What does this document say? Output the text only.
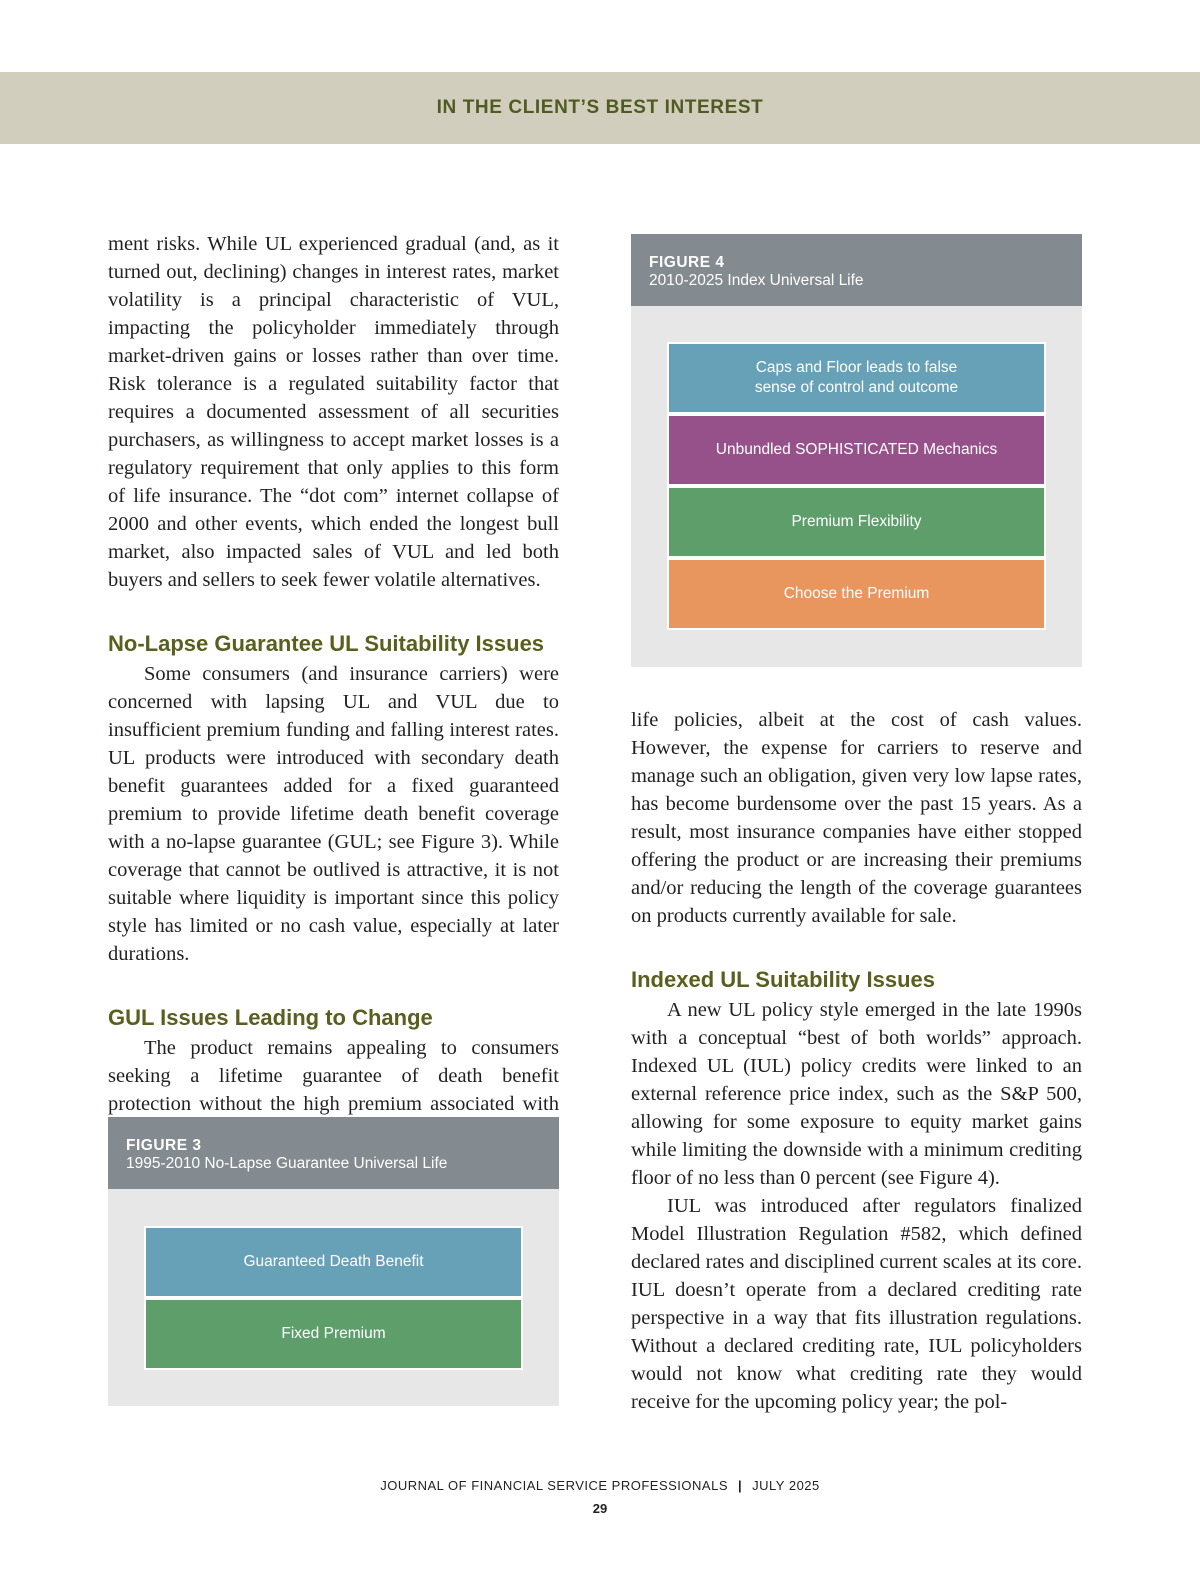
IN THE CLIENT’S BEST INTEREST

ment risks. While UL experienced gradual (and, as it turned out, declining) changes in interest rates, market volatility is a principal characteristic of VUL, impacting the policyholder immediately through market-driven gains or losses rather than over time. Risk tolerance is a regulated suitability factor that requires a documented assessment of all securities purchasers, as willingness to accept market losses is a regulatory requirement that only applies to this form of life insurance. The “dot com” internet collapse of 2000 and other events, which ended the longest bull market, also impacted sales of VUL and led both buyers and sellers to seek fewer volatile alternatives.

No-Lapse Guarantee UL Suitability Issues

Some consumers (and insurance carriers) were concerned with lapsing UL and VUL due to insufficient premium funding and falling interest rates. UL products were introduced with secondary death benefit guarantees added for a fixed guaranteed premium to provide lifetime death benefit coverage with a no-lapse guarantee (GUL; see Figure 3). While coverage that cannot be outlived is attractive, it is not suitable where liquidity is important since this policy style has limited or no cash value, especially at later durations.

GUL Issues Leading to Change

The product remains appealing to consumers seeking a lifetime guarantee of death benefit protection without the high premium associated with

FIGURE 3
1995-2010 No-Lapse Guarantee Universal Life
Guaranteed Death Benefit
Fixed Premium
FIGURE 4
2010-2025 Index Universal Life
Caps and Floor leads to false sense of control and outcome
Unbundled SOPHISTICATED Mechanics
Premium Flexibility
Choose the Premium

life policies, albeit at the cost of cash values. However, the expense for carriers to reserve and manage such an obligation, given very low lapse rates, has become burdensome over the past 15 years. As a result, most insurance companies have either stopped offering the product or are increasing their premiums and/or reducing the length of the coverage guarantees on products currently available for sale.

Indexed UL Suitability Issues

A new UL policy style emerged in the late 1990s with a conceptual “best of both worlds” approach. Indexed UL (IUL) policy credits were linked to an external reference price index, such as the S&P 500, allowing for some exposure to equity market gains while limiting the downside with a minimum crediting floor of no less than 0 percent (see Figure 4).

IUL was introduced after regulators finalized Model Illustration Regulation #582, which defined declared rates and disciplined current scales at its core. IUL doesn’t operate from a declared crediting rate perspective in a way that fits illustration regulations. Without a declared crediting rate, IUL policyholders would not know what crediting rate they would receive for the upcoming policy year; the pol-

JOURNAL OF FINANCIAL SERVICE PROFESSIONALS | JULY 2025
29
